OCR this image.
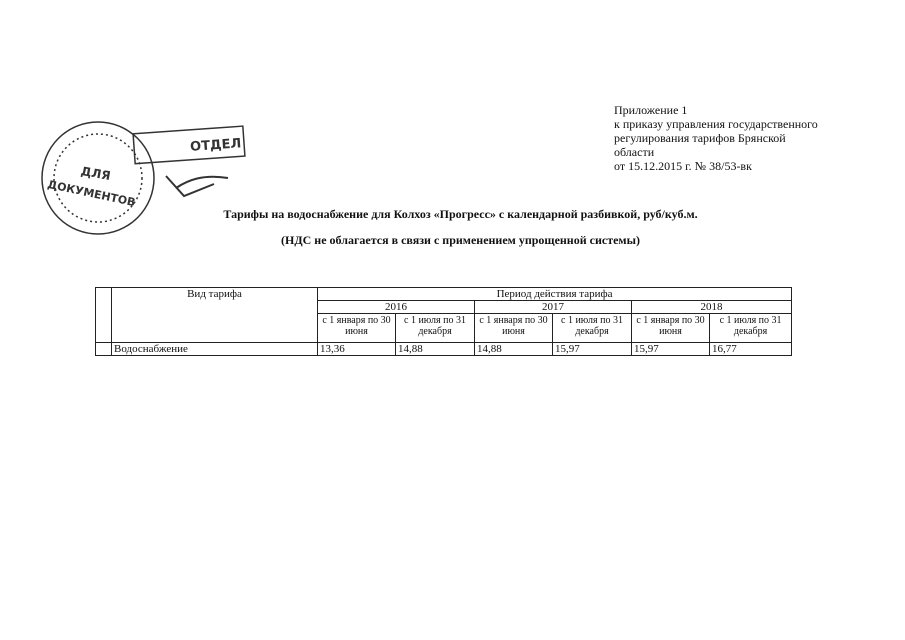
Приложение 1
к приказу управления государственного
регулирования тарифов Брянской
области
от 15.12.2015 г. № 38/53-вк
ОТДЕЛ
ДЛЯ
ДОКУМЕНТОВ
Тарифы на водоснабжение для Колхоз «Прогресс» с календарной разбивкой, руб/куб.м.
(НДС не облагается в связи с применением упрощенной системы)
	Вид тарифа	Период действия тарифа					
		2016		2017		2018	
		с 1 января по 30 июня	с 1 июля по 31 декабря	с 1 января по 30 июня	с 1 июля по 31 декабря	с 1 января по 30 июня	с 1 июля по 31 декабря
	Водоснабжение	13,36	14,88	14,88	15,97	15,97	16,77
